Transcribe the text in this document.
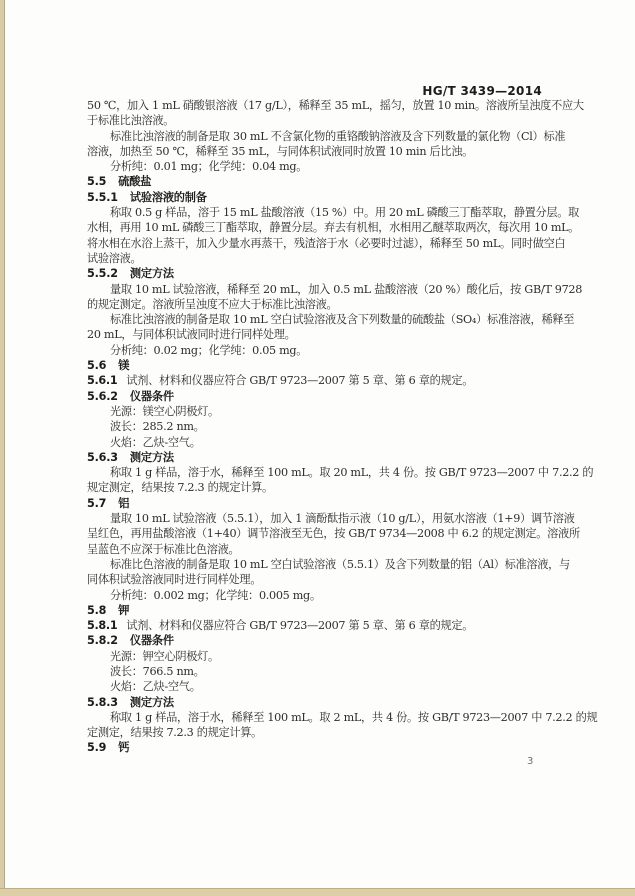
HG/T 3439—2014
50 ℃，加入 1 mL 硝酸银溶液（17 g/L），稀释至 35 mL，摇匀，放置 10 min。溶液所呈浊度不应大
于标准比浊溶液。
标准比浊溶液的制备是取 30 mL 不含氯化物的重铬酸钠溶液及含下列数量的氯化物（Cl）标准
溶液，加热至 50 ℃，稀释至 35 mL，与同体积试液同时放置 10 min 后比浊。
分析纯：0.01 mg；化学纯：0.04 mg。
5.5 硫酸盐
5.5.1 试验溶液的制备
称取 0.5 g 样品，溶于 15 mL 盐酸溶液（15 %）中。用 20 mL 磷酸三丁酯萃取，静置分层。取
水相，再用 10 mL 磷酸三丁酯萃取，静置分层。弃去有机相，水相用乙醚萃取两次，每次用 10 mL。
将水相在水浴上蒸干，加入少量水再蒸干，残渣溶于水（必要时过滤），稀释至 50 mL。同时做空白
试验溶液。
5.5.2 测定方法
量取 10 mL 试验溶液，稀释至 20 mL，加入 0.5 mL 盐酸溶液（20 %）酸化后，按 GB/T 9728
的规定测定。溶液所呈浊度不应大于标准比浊溶液。
标准比浊溶液的制备是取 10 mL 空白试验溶液及含下列数量的硫酸盐（SO₄）标准溶液，稀释至
20 mL，与同体积试液同时进行同样处理。
分析纯：0.02 mg；化学纯：0.05 mg。
5.6 镁
5.6.1 试剂、材料和仪器应符合 GB/T 9723—2007 第 5 章、第 6 章的规定。
5.6.2 仪器条件
光源：镁空心阴极灯。
波长：285.2 nm。
火焰：乙炔-空气。
5.6.3 测定方法
称取 1 g 样品，溶于水，稀释至 100 mL。取 20 mL，共 4 份。按 GB/T 9723—2007 中 7.2.2 的
规定测定，结果按 7.2.3 的规定计算。
5.7 铝
量取 10 mL 试验溶液（5.5.1），加入 1 滴酚酞指示液（10 g/L），用氨水溶液（1+9）调节溶液
呈红色，再用盐酸溶液（1+40）调节溶液至无色，按 GB/T 9734—2008 中 6.2 的规定测定。溶液所
呈蓝色不应深于标准比色溶液。
标准比色溶液的制备是取 10 mL 空白试验溶液（5.5.1）及含下列数量的铝（Al）标准溶液，与
同体积试验溶液同时进行同样处理。
分析纯：0.002 mg；化学纯：0.005 mg。
5.8 钾
5.8.1 试剂、材料和仪器应符合 GB/T 9723—2007 第 5 章、第 6 章的规定。
5.8.2 仪器条件
光源：钾空心阴极灯。
波长：766.5 nm。
火焰：乙炔-空气。
5.8.3 测定方法
称取 1 g 样品，溶于水，稀释至 100 mL。取 2 mL，共 4 份。按 GB/T 9723—2007 中 7.2.2 的规
定测定，结果按 7.2.3 的规定计算。
5.9 钙
3
